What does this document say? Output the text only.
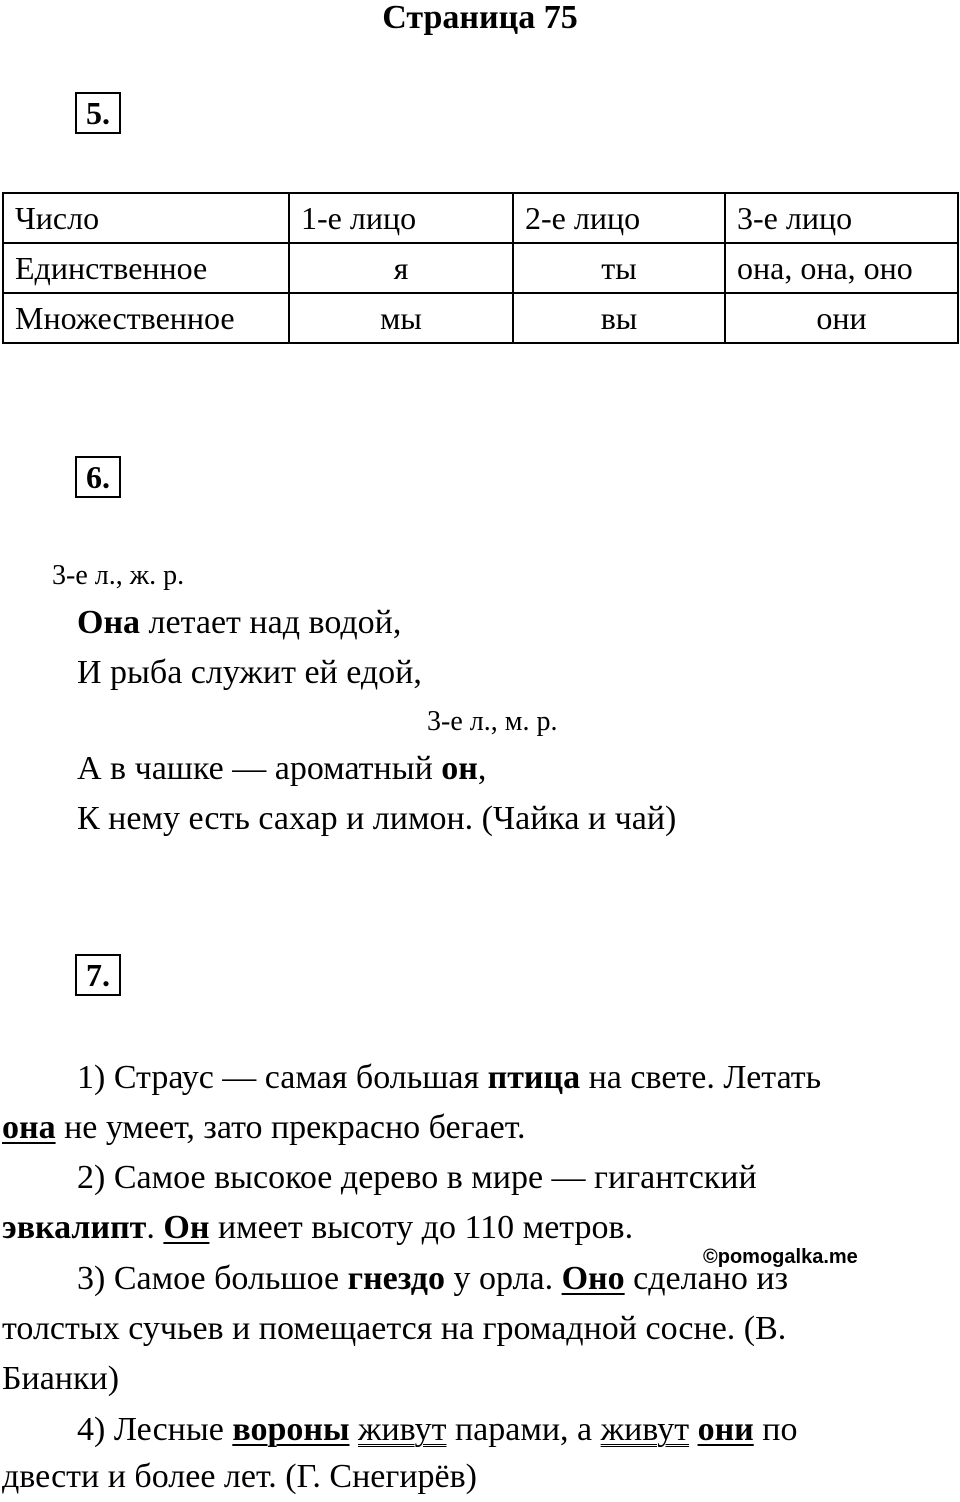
Страница 75
5.
Число	1-е лицо	2-е лицо	3-е лицо
Единственное	я	ты	она, она, оно
Множественное	мы	вы	они
6.
3-е л., ж. р.
Она летает над водой,
И рыба служит ей едой,
3-е л., м. р.
А в чашке — ароматный он,
К нему есть сахар и лимон. (Чайка и чай)
7.
1) Страус — самая большая птица на свете. Летать
она не умеет, зато прекрасно бегает.
2) Самое высокое дерево в мире — гигантский
эвкалипт. Он имеет высоту до 110 метров.
©pomogalka.me
3) Самое большое гнездо у орла. Оно сделано из
толстых сучьев и помещается на громадной сосне. (В.
Бианки)
4) Лесные вороны живут парами, а живут они по
двести и более лет. (Г. Снегирёв)
